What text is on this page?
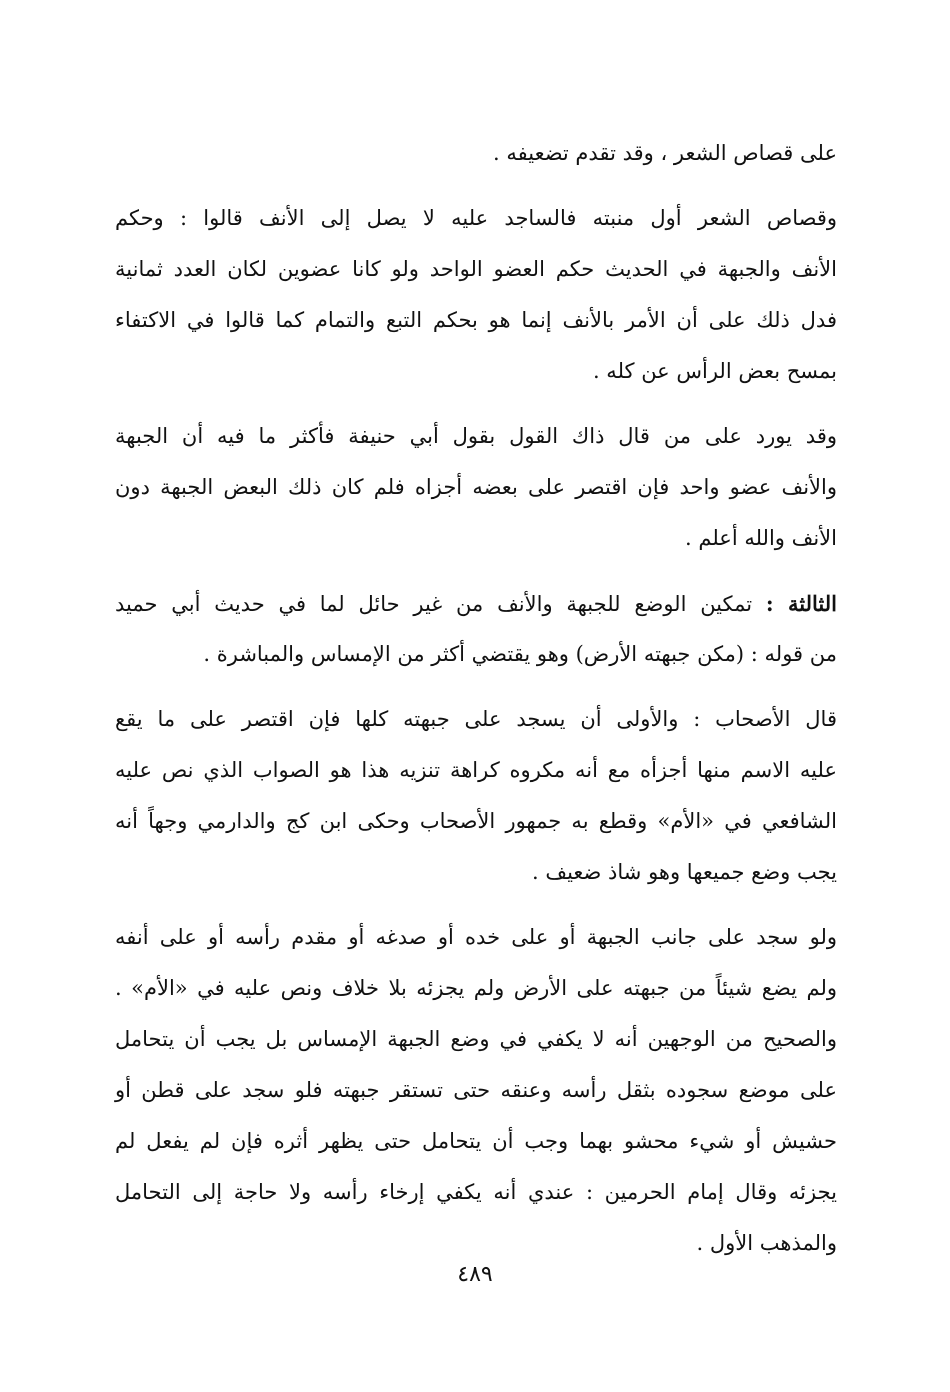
على قصاص الشعر ، وقد تقدم تضعيفه .
وقصاص الشعر أول منبته فالساجد عليه لا يصل إلى الأنف قالوا : وحكم
الأنف والجبهة في الحديث حكم العضو الواحد ولو كانا عضوين لكان العدد ثمانية
فدل ذلك على أن الأمر بالأنف إنما هو بحكم التبع والتمام كما قالوا في الاكتفاء
بمسح بعض الرأس عن كله .
وقد يورد على من قال ذاك القول بقول أبي حنيفة فأكثر ما فيه أن الجبهة
والأنف عضو واحد فإن اقتصر على بعضه أجزاه فلم كان ذلك البعض الجبهة دون
الأنف والله أعلم .
الثالثة : تمكين الوضع للجبهة والأنف من غير حائل لما في حديث أبي حميد
من قوله : (مكن جبهته الأرض) وهو يقتضي أكثر من الإمساس والمباشرة .
قال الأصحاب : والأولى أن يسجد على جبهته كلها فإن اقتصر على ما يقع
عليه الاسم منها أجزأه مع أنه مكروه كراهة تنزيه هذا هو الصواب الذي نص عليه
الشافعي في «الأم» وقطع به جمهور الأصحاب وحكى ابن كج والدارمي وجهاً أنه
يجب وضع جميعها وهو شاذ ضعيف .
ولو سجد على جانب الجبهة أو على خده أو صدغه أو مقدم رأسه أو على أنفه
ولم يضع شيئاً من جبهته على الأرض ولم يجزئه بلا خلاف ونص عليه في «الأم» .
والصحيح من الوجهين أنه لا يكفي في وضع الجبهة الإمساس بل يجب أن يتحامل
على موضع سجوده بثقل رأسه وعنقه حتى تستقر جبهته فلو سجد على قطن أو
حشيش أو شيء محشو بهما وجب أن يتحامل حتى يظهر أثره فإن لم يفعل لم
يجزئه وقال إمام الحرمين : عندي أنه يكفي إرخاء رأسه ولا حاجة إلى التحامل
والمذهب الأول .
٤٨٩
